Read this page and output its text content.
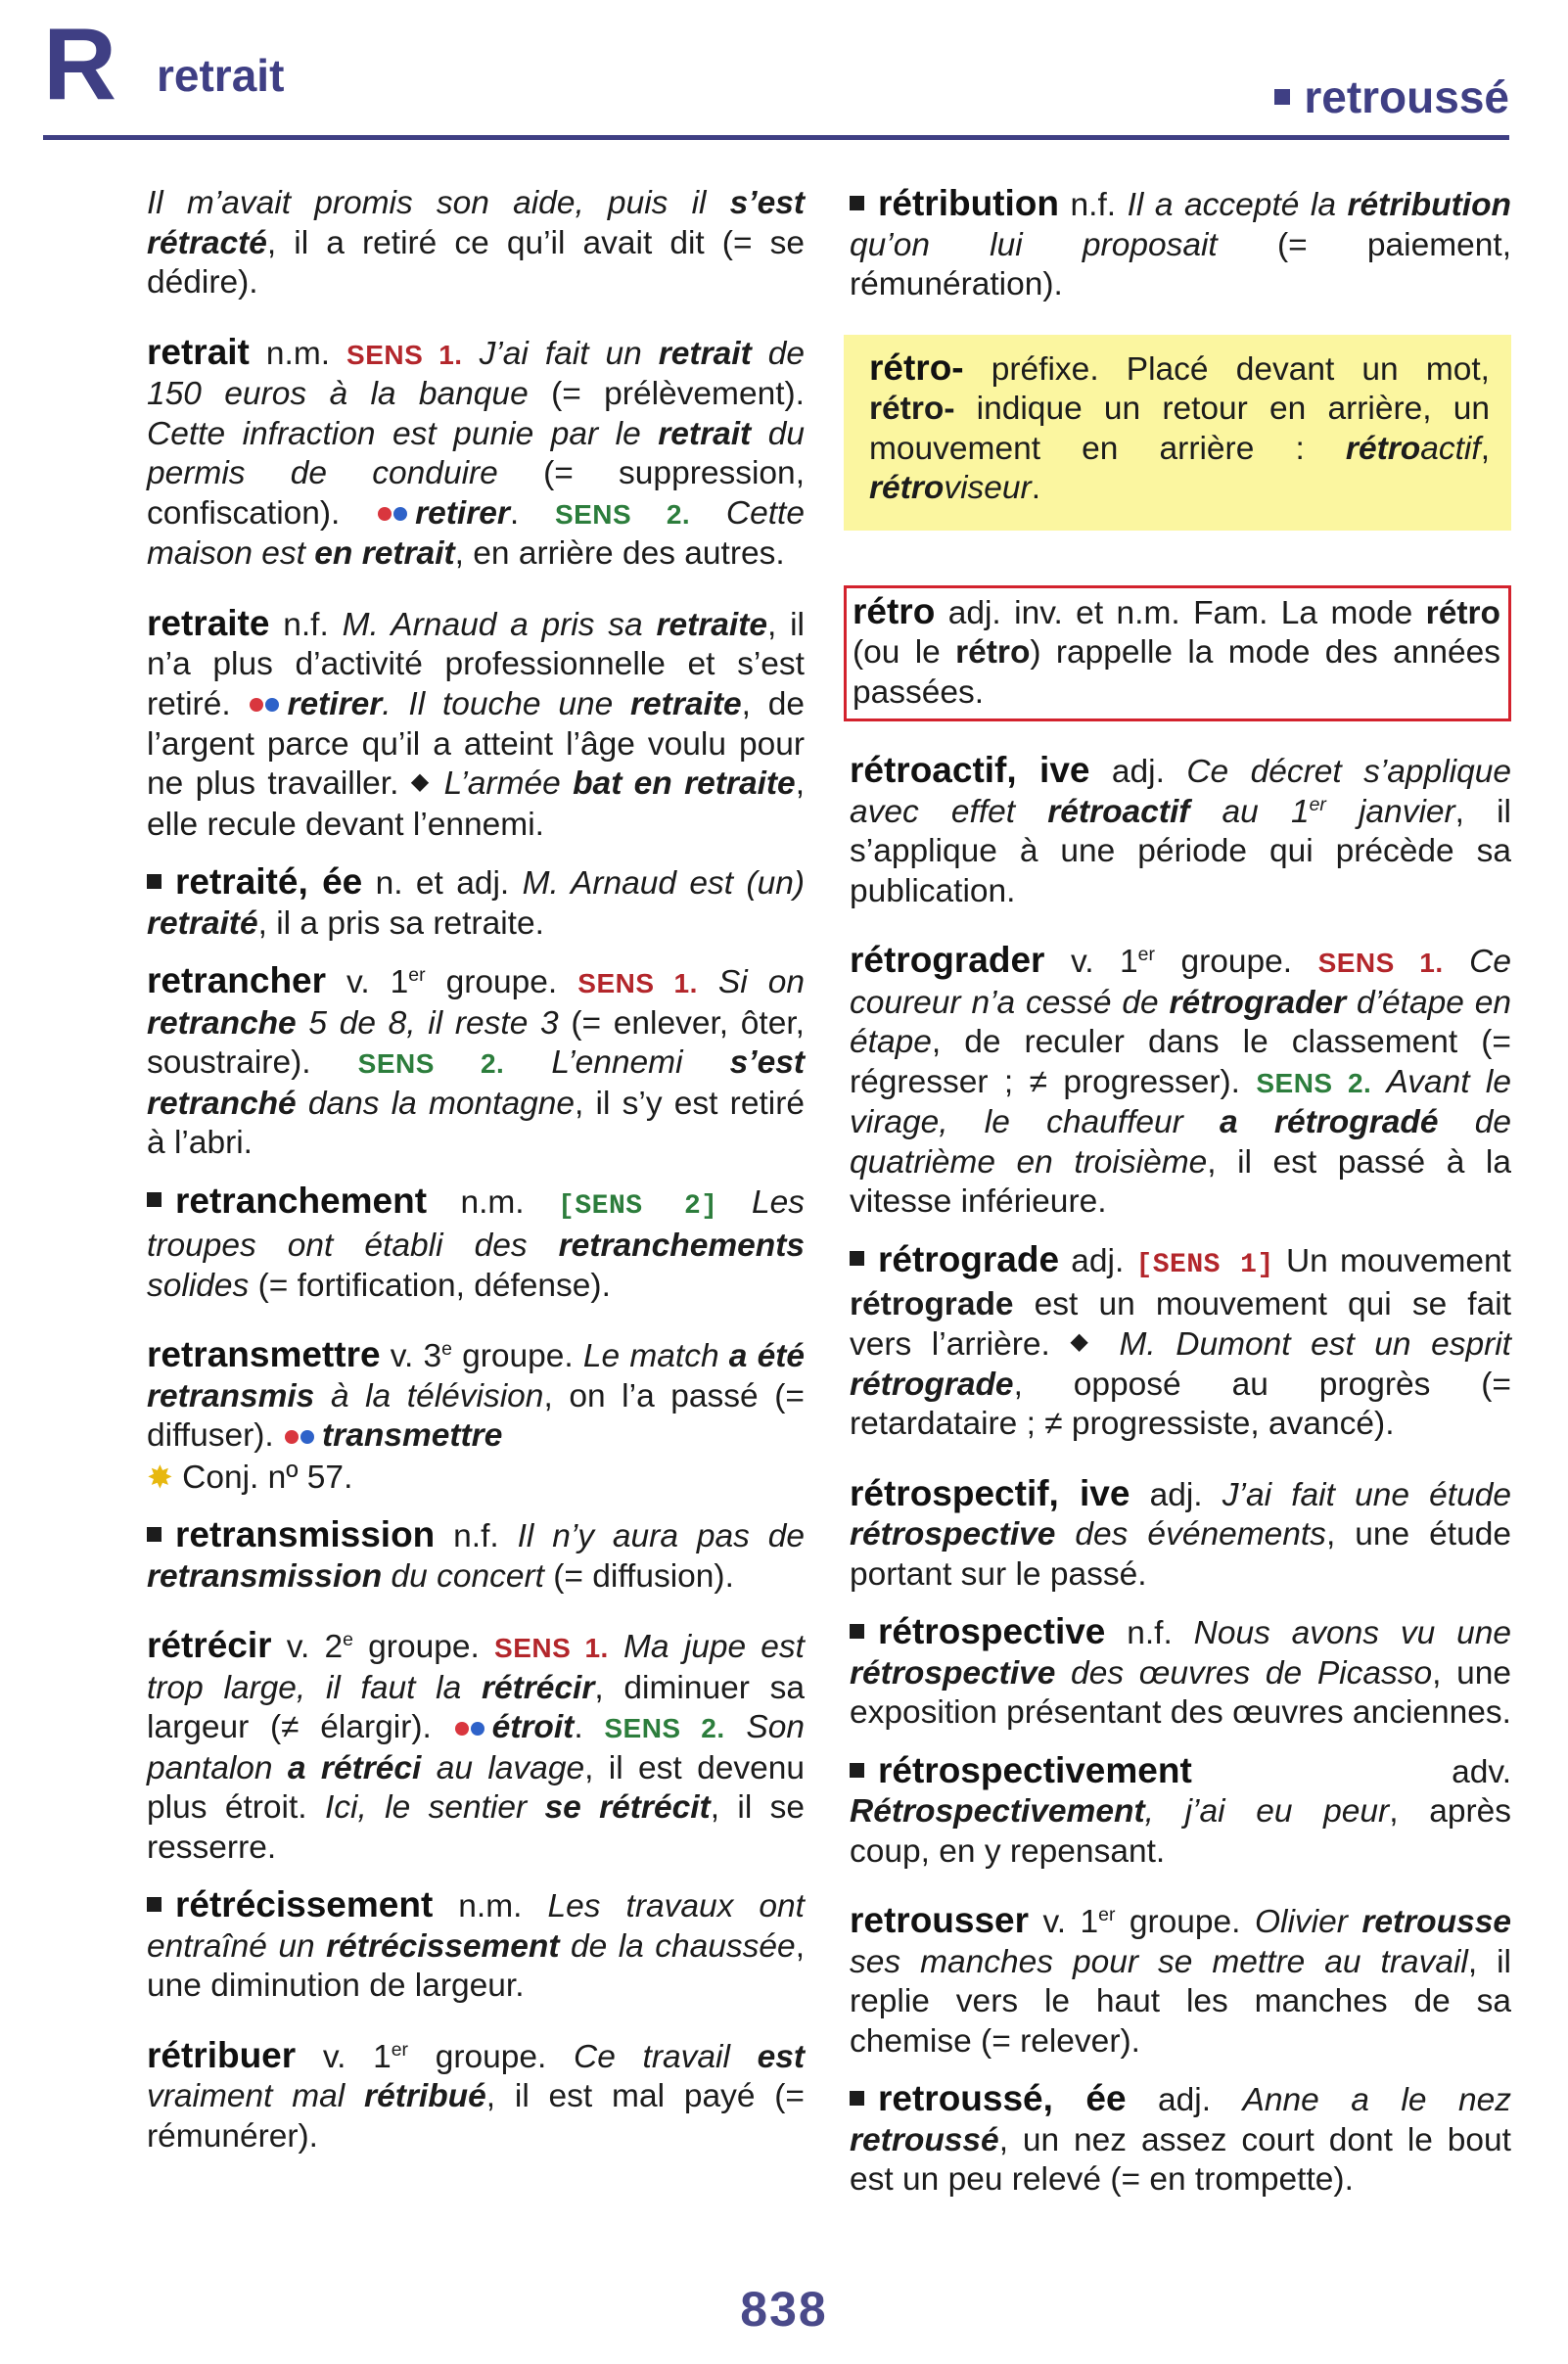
R retrait	retroussé

Il m’avait promis son aide, puis il s’est rétracté, il a retiré ce qu’il avait dit (= se dédire).

retrait n.m. SENS 1. J’ai fait un retrait de 150 euros à la banque (= prélèvement). Cette infraction est punie par le retrait du permis de conduire (= suppression, confiscation). retirer. SENS 2. Cette maison est en retrait, en arrière des autres.

retraite n.f. M. Arnaud a pris sa retraite, il n’a plus d’activité professionnelle et s’est retiré. retirer. Il touche une retraite, de l’argent parce qu’il a atteint l’âge voulu pour ne plus travailler. ◆ L’armée bat en retraite, elle recule devant l’ennemi.

retraité, ée n. et adj. M. Arnaud est (un) retraité, il a pris sa retraite.

retrancher v. 1er groupe. SENS 1. Si on retranche 5 de 8, il reste 3 (= enlever, ôter, soustraire). SENS 2. L’ennemi s’est retranché dans la montagne, il s’y est retiré à l’abri.

retranchement n.m. [SENS 2] Les troupes ont établi des retranchements solides (= fortification, défense).

retransmettre v. 3e groupe. Le match a été retransmis à la télévision, on l’a passé (= diffuser). transmettre
✸ Conj. nº 57.

retransmission n.f. Il n’y aura pas de retransmission du concert (= diffusion).

rétrécir v. 2e groupe. SENS 1. Ma jupe est trop large, il faut la rétrécir, diminuer sa largeur (≠ élargir). étroit. SENS 2. Son pantalon a rétréci au lavage, il est devenu plus étroit. Ici, le sentier se rétrécit, il se resserre.

rétrécissement n.m. Les travaux ont entraîné un rétrécissement de la chaussée, une diminution de largeur.

rétribuer v. 1er groupe. Ce travail est vraiment mal rétribué, il est mal payé (= rémunérer).

rétribution n.f. Il a accepté la rétribution qu’on lui proposait (= paiement, rémunération).

rétro- préfixe. Placé devant un mot, rétro- indique un retour en arrière, un mouvement en arrière : rétroactif, rétroviseur.
rétro adj. inv. et n.m. Fam. La mode rétro (ou le rétro) rappelle la mode des années passées.

rétroactif, ive adj. Ce décret s’applique avec effet rétroactif au 1er janvier, il s’applique à une période qui précède sa publication.

rétrograder v. 1er groupe. SENS 1. Ce coureur n’a cessé de rétrograder d’étape en étape, de reculer dans le classement (= régresser ; ≠ progresser). SENS 2. Avant le virage, le chauffeur a rétrogradé de quatrième en troisième, il est passé à la vitesse inférieure.

rétrograde adj. [SENS 1] Un mouvement rétrograde est un mouvement qui se fait vers l’arrière. ◆ M. Dumont est un esprit rétrograde, opposé au progrès (= retardataire ; ≠ progressiste, avancé).

rétrospectif, ive adj. J’ai fait une étude rétrospective des événements, une étude portant sur le passé.

rétrospective n.f. Nous avons vu une rétrospective des œuvres de Picasso, une exposition présentant des œuvres anciennes.

rétrospectivement adv. Rétrospectivement, j’ai eu peur, après coup, en y repensant.

retrousser v. 1er groupe. Olivier retrousse ses manches pour se mettre au travail, il replie vers le haut les manches de sa chemise (= relever).

retroussé, ée adj. Anne a le nez retroussé, un nez assez court dont le bout est un peu relevé (= en trompette).

838
